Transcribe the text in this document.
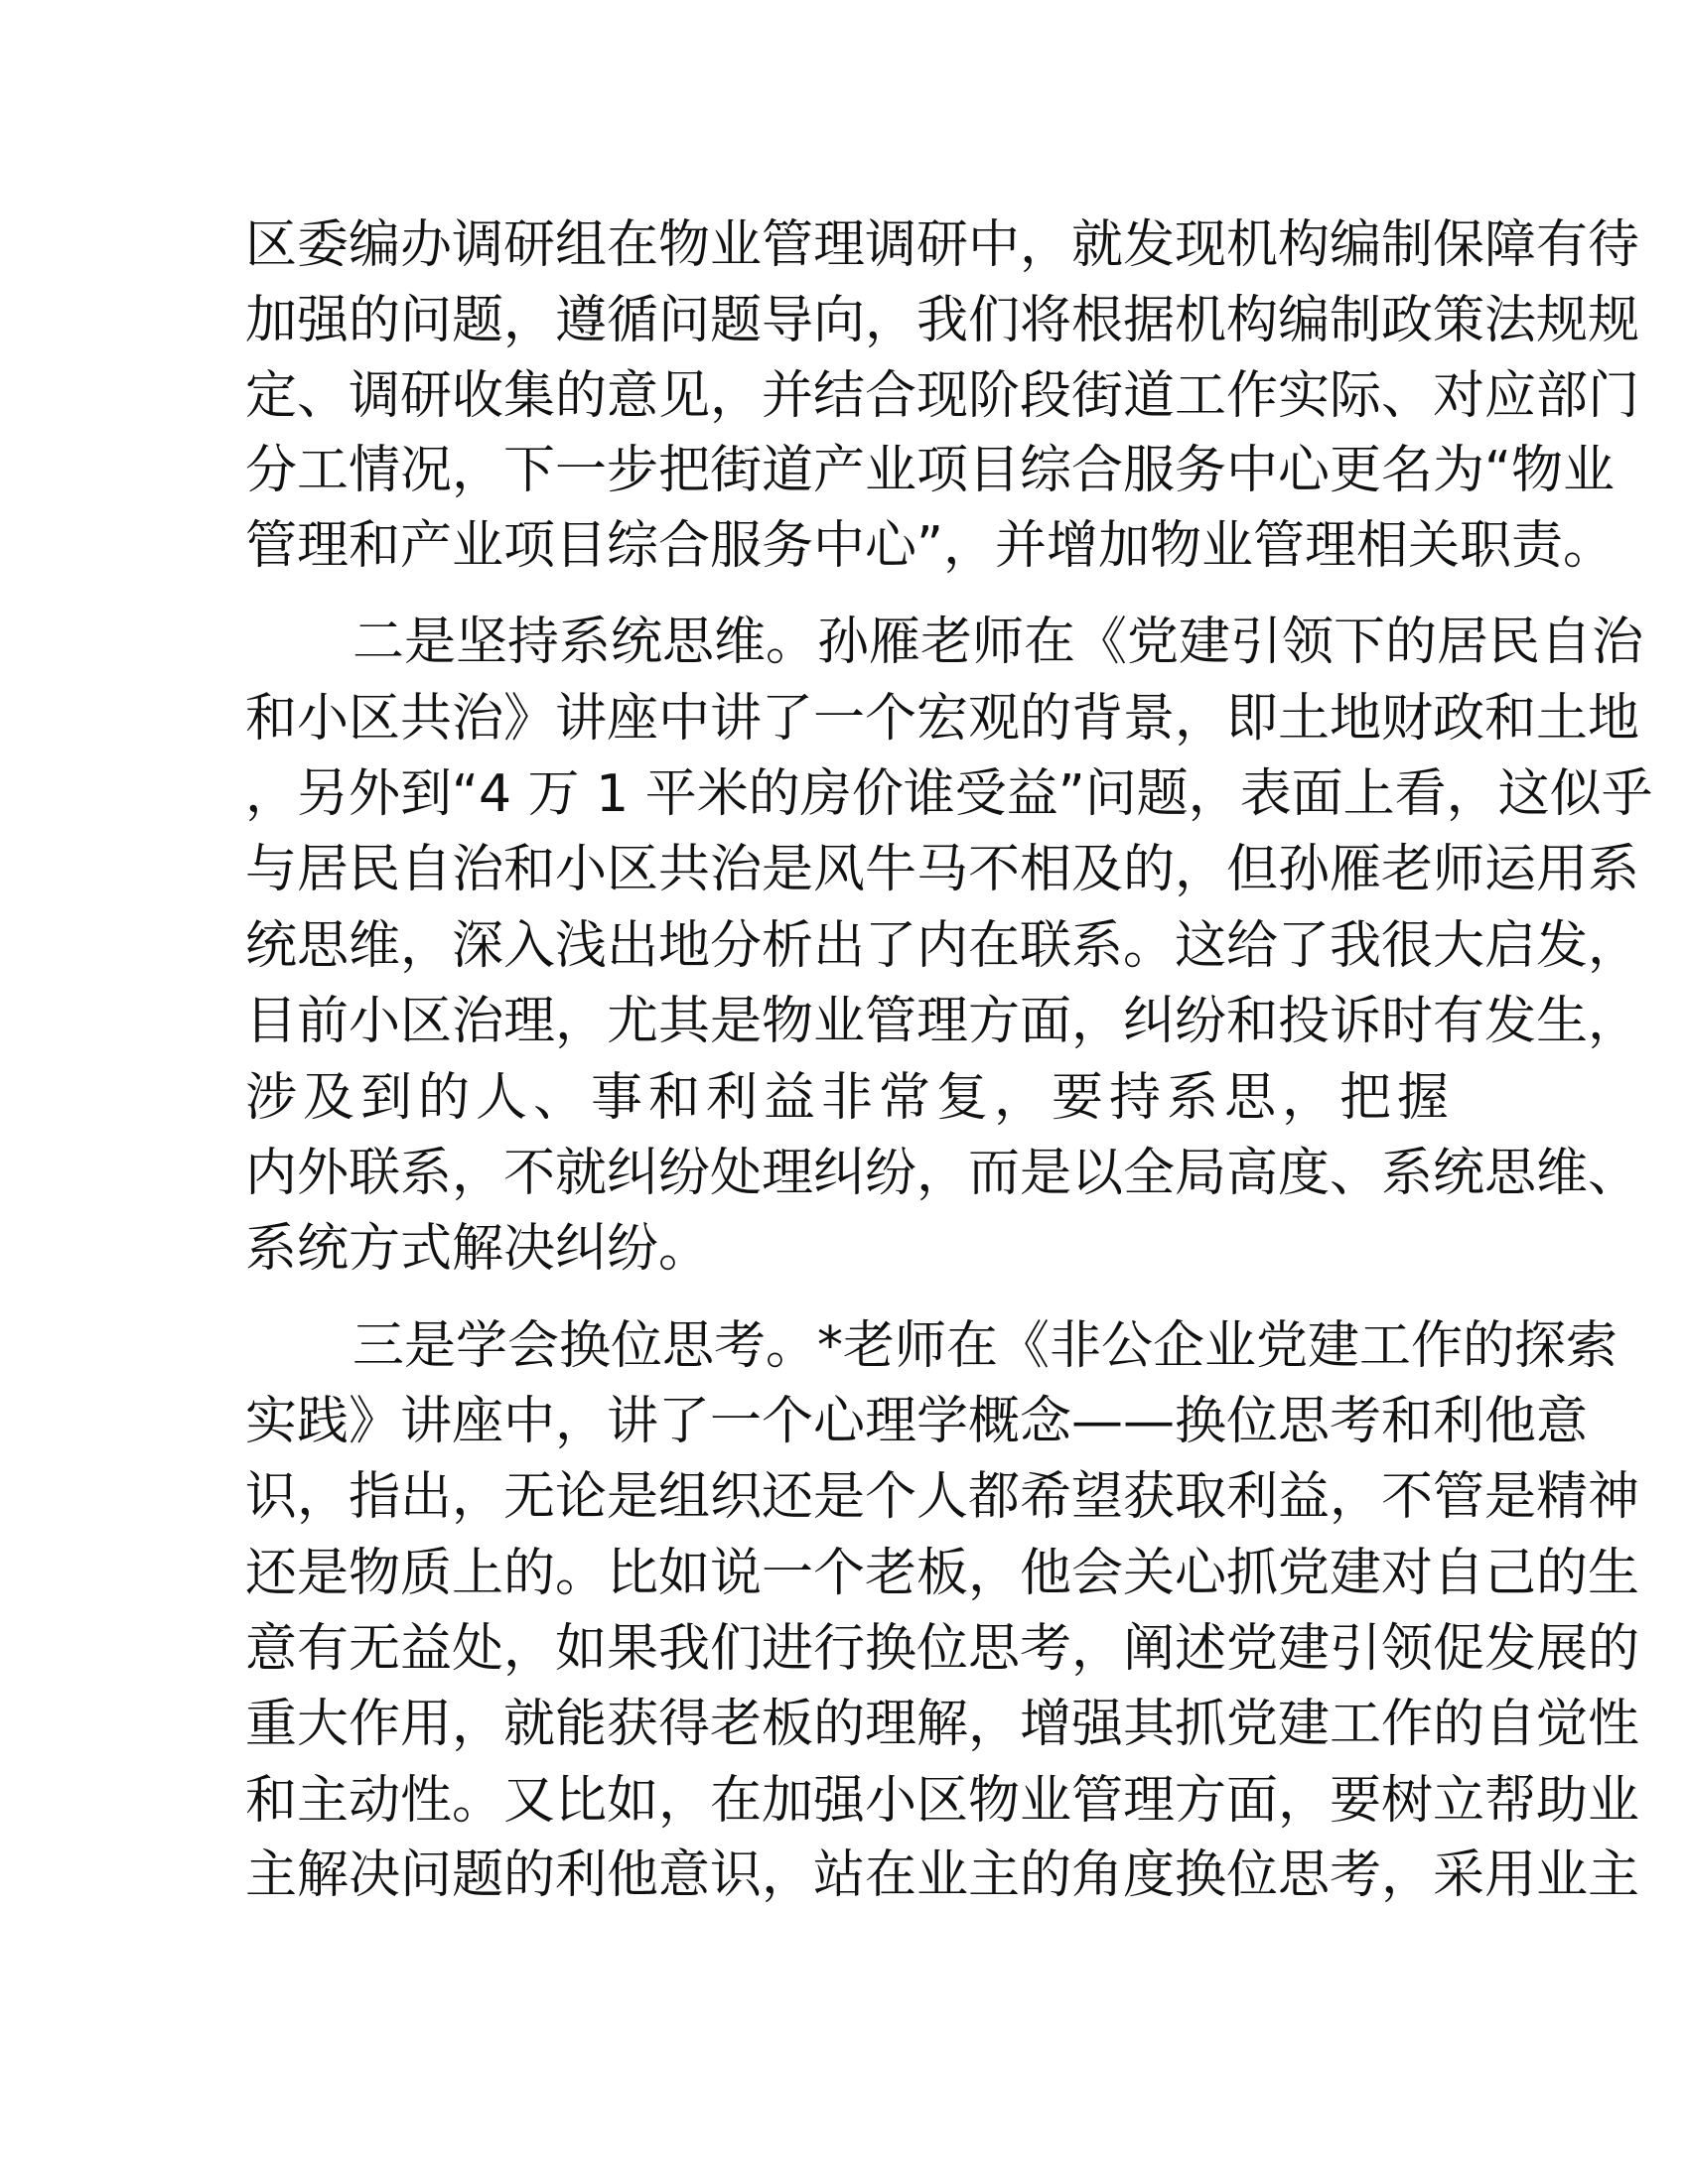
区委编办调研组在物业管理调研中，就发现机构编制保障有待
加强的问题，遵循问题导向，我们将根据机构编制政策法规规
定、调研收集的意见，并结合现阶段街道工作实际、对应部门
分工情况，下一步把街道产业项目综合服务中心更名为“物业
管理和产业项目综合服务中心”，并增加物业管理相关职责。
二是坚持系统思维。孙雁老师在《党建引领下的居民自治
和小区共治》讲座中讲了一个宏观的背景，即土地财政和土地
，另外到“4 万 1 平米的房价谁受益”问题，表面上看，这似乎
与居民自治和小区共治是风牛马不相及的，但孙雁老师运用系
统思维，深入浅出地分析出了内在联系。这给了我很大启发，
目前小区治理，尤其是物业管理方面，纠纷和投诉时有发生，
涉及到的人、事和利益非常复，要持系思，把握
内外联系，不就纠纷处理纠纷，而是以全局高度、系统思维、
系统方式解决纠纷。
三是学会换位思考。*老师在《非公企业党建工作的探索
实践》讲座中，讲了一个心理学概念——换位思考和利他意
识，指出，无论是组织还是个人都希望获取利益，不管是精神
还是物质上的。比如说一个老板，他会关心抓党建对自己的生
意有无益处，如果我们进行换位思考，阐述党建引领促发展的
重大作用，就能获得老板的理解，增强其抓党建工作的自觉性
和主动性。又比如，在加强小区物业管理方面，要树立帮助业
主解决问题的利他意识，站在业主的角度换位思考，采用业主
